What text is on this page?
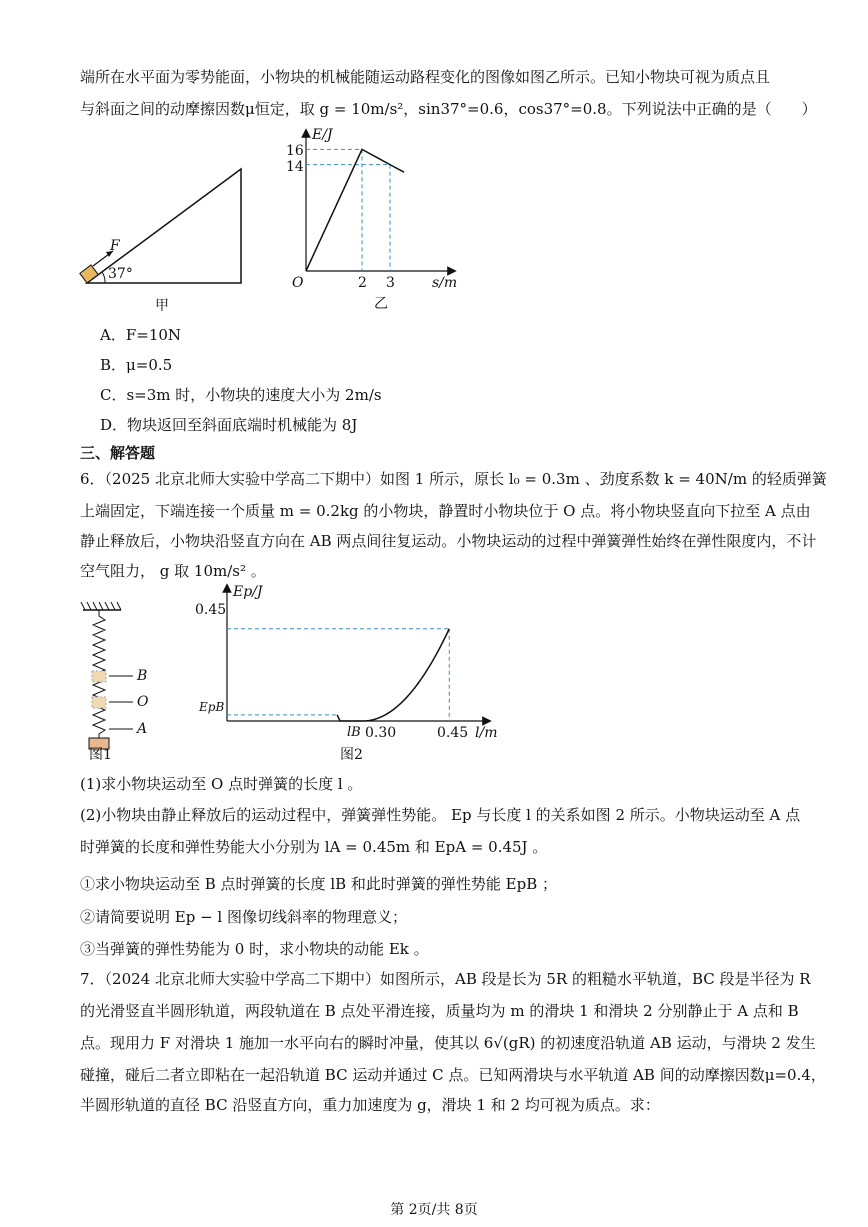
端所在水平面为零势能面，小物块的机械能随运动路程变化的图像如图乙所示。已知小物块可视为质点且
与斜面之间的动摩擦因数μ恒定，取 g = 10m/s²，sin37°=0.6，cos37°=0.8。下列说法中正确的是（　　）
F
37°
甲
E/J
16
14
O	2 3	s/m
乙
A．F=10N
B．μ=0.5
C．s=3m 时，小物块的速度大小为 2m/s
D．物块返回至斜面底端时机械能为 8J
三、解答题
6．（2025 北京北师大实验中学高二下期中）如图 1 所示，原长 l₀ = 0.3m 、劲度系数 k = 40N/m 的轻质弹簧
上端固定，下端连接一个质量 m = 0.2kg 的小物块，静置时小物块位于 O 点。将小物块竖直向下拉至 A 点由
静止释放后，小物块沿竖直方向在 AB 两点间往复运动。小物块运动的过程中弹簧弹性始终在弹性限度内，不计
空气阻力， g 取 10m/s² 。
B
O
A
图1
Ep/J
0.45
EpB
lB 0.30	0.45 l/m
图2
(1)求小物块运动至 O 点时弹簧的长度 l 。
(2)小物块由静止释放后的运动过程中，弹簧弹性势能。 Ep 与长度 l 的关系如图 2 所示。小物块运动至 A 点
时弹簧的长度和弹性势能大小分别为 lA = 0.45m 和 EpA = 0.45J 。
①求小物块运动至 B 点时弹簧的长度 lB 和此时弹簧的弹性势能 EpB ；
②请简要说明 Ep − l 图像切线斜率的物理意义；
③当弹簧的弹性势能为 0 时，求小物块的动能 Ek 。
7．（2024 北京北师大实验中学高二下期中）如图所示，AB 段是长为 5R 的粗糙水平轨道，BC 段是半径为 R
的光滑竖直半圆形轨道，两段轨道在 B 点处平滑连接，质量均为 m 的滑块 1 和滑块 2 分别静止于 A 点和 B
点。现用力 F 对滑块 1 施加一水平向右的瞬时冲量，使其以 6√(gR) 的初速度沿轨道 AB 运动，与滑块 2 发生
碰撞，碰后二者立即粘在一起沿轨道 BC 运动并通过 C 点。已知两滑块与水平轨道 AB 间的动摩擦因数μ=0.4，
半圆形轨道的直径 BC 沿竖直方向，重力加速度为 g，滑块 1 和 2 均可视为质点。求：
第 2页/共 8页
